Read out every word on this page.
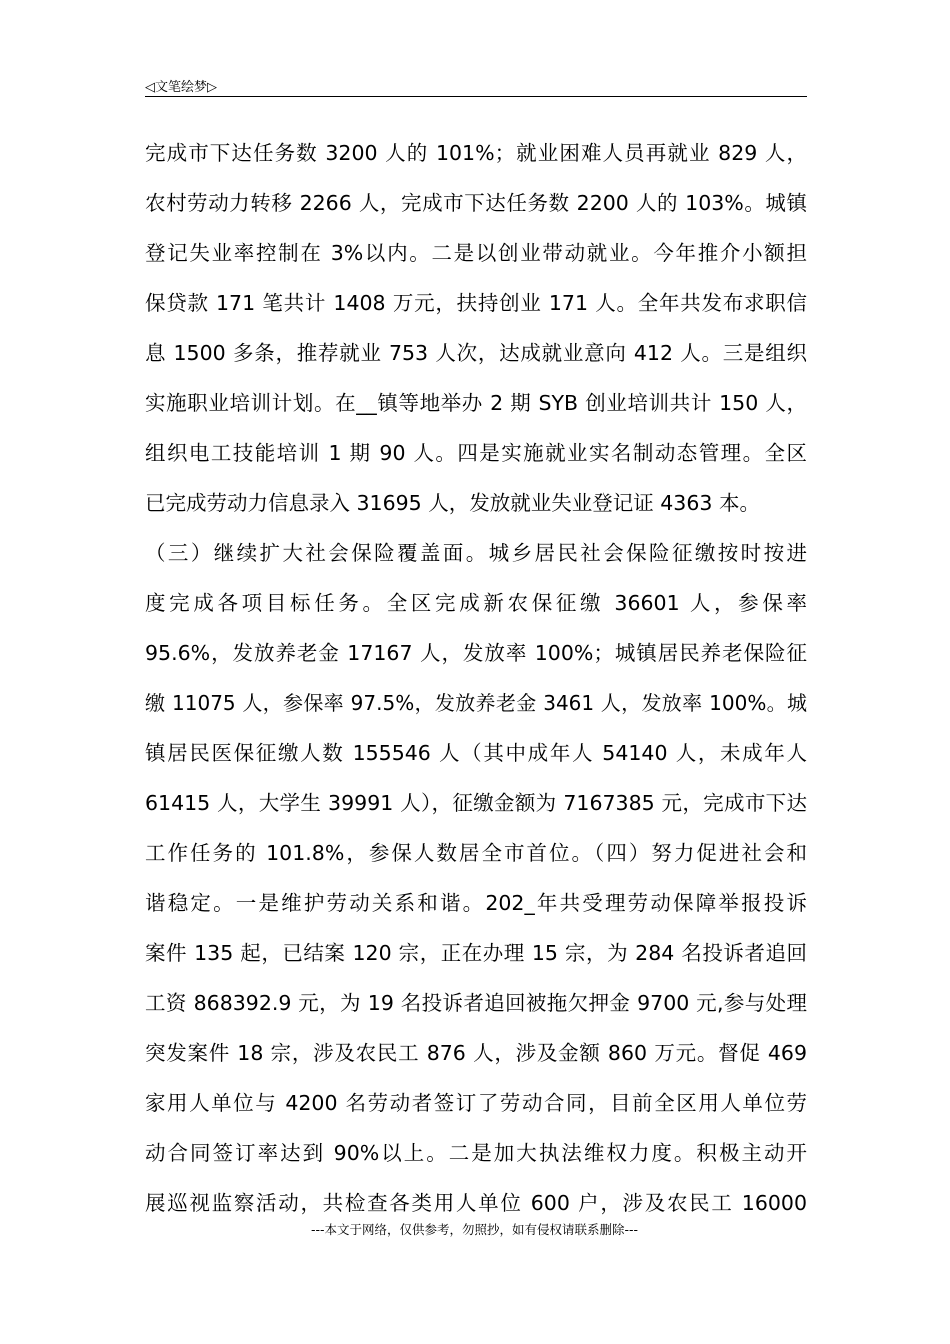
◁文笔绘梦▷
完成市下达任务数 3200 人的 101%；就业困难人员再就业 829 人，
农村劳动力转移 2266 人，完成市下达任务数 2200 人的 103%。城镇
登记失业率控制在 3%以内。二是以创业带动就业。今年推介小额担
保贷款 171 笔共计 1408 万元，扶持创业 171 人。全年共发布求职信
息 1500 多条，推荐就业 753 人次，达成就业意向 412 人。三是组织
实施职业培训计划。在__镇等地举办 2 期 SYB 创业培训共计 150 人，
组织电工技能培训 1 期 90 人。四是实施就业实名制动态管理。全区
已完成劳动力信息录入 31695 人，发放就业失业登记证 4363 本。
（三）继续扩大社会保险覆盖面。城乡居民社会保险征缴按时按进
度完成各项目标任务。全区完成新农保征缴 36601 人，参保率
95.6%，发放养老金 17167 人，发放率 100%；城镇居民养老保险征
缴 11075 人，参保率 97.5%，发放养老金 3461 人，发放率 100%。城
镇居民医保征缴人数 155546 人（其中成年人 54140 人，未成年人
61415 人，大学生 39991 人），征缴金额为 7167385 元，完成市下达
工作任务的 101.8%，参保人数居全市首位。（四）努力促进社会和
谐稳定。一是维护劳动关系和谐。202_年共受理劳动保障举报投诉
案件 135 起，已结案 120 宗，正在办理 15 宗，为 284 名投诉者追回
工资 868392.9 元，为 19 名投诉者追回被拖欠押金 9700 元,参与处理
突发案件 18 宗，涉及农民工 876 人，涉及金额 860 万元。督促 469
家用人单位与 4200 名劳动者签订了劳动合同，目前全区用人单位劳
动合同签订率达到 90%以上。二是加大执法维权力度。积极主动开
展巡视监察活动，共检查各类用人单位 600 户，涉及农民工 16000
---本文于网络，仅供参考，勿照抄，如有侵权请联系删除---
